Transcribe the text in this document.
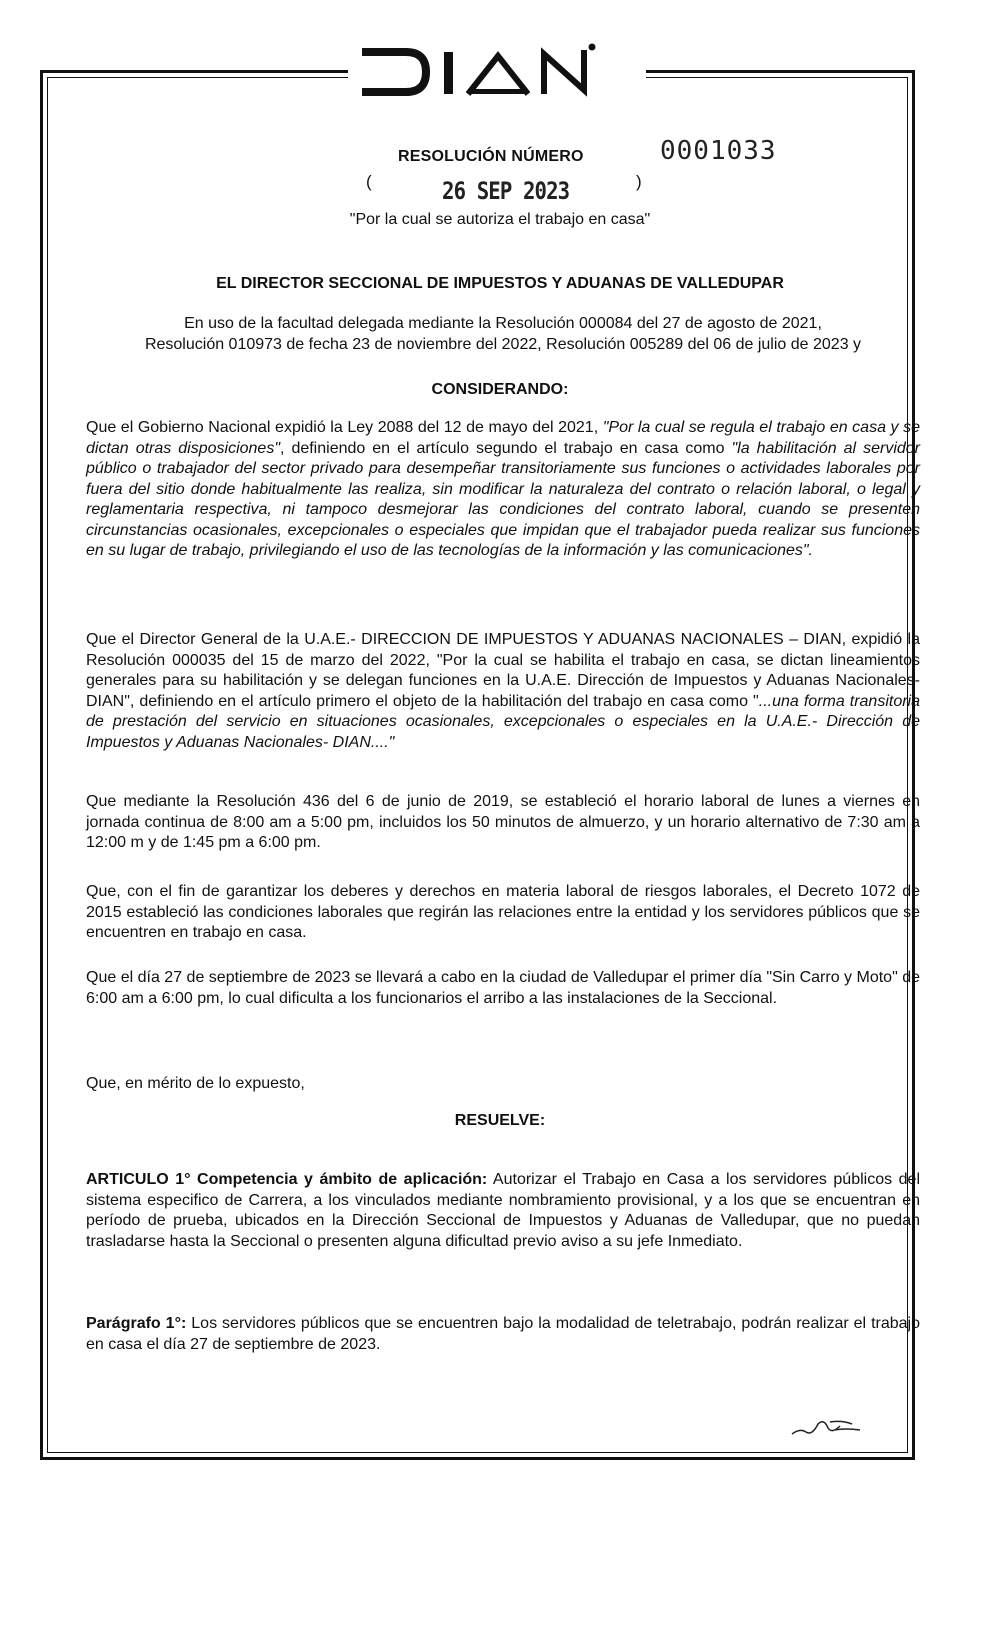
RESOLUCIÓN NÚMERO	0001033
(	26 SEP 2023	)
"Por la cual se autoriza el trabajo en casa"
EL DIRECTOR SECCIONAL DE IMPUESTOS Y ADUANAS DE VALLEDUPAR
En uso de la facultad delegada mediante la Resolución 000084 del 27 de agosto de 2021,
Resolución 010973 de fecha 23 de noviembre del 2022, Resolución 005289 del 06 de julio de 2023 y
CONSIDERANDO:

Que el Gobierno Nacional expidió la Ley 2088 del 12 de mayo del 2021, "Por la cual se regula el trabajo en casa y se dictan otras disposiciones", definiendo en el artículo segundo el trabajo en casa como "la habilitación al servidor público o trabajador del sector privado para desempeñar transitoriamente sus funciones o actividades laborales por fuera del sitio donde habitualmente las realiza, sin modificar la naturaleza del contrato o relación laboral, o legal y reglamentaria respectiva, ni tampoco desmejorar las condiciones del contrato laboral, cuando se presenten circunstancias ocasionales, excepcionales o especiales que impidan que el trabajador pueda realizar sus funciones en su lugar de trabajo, privilegiando el uso de las tecnologías de la información y las comunicaciones".

Que el Director General de la U.A.E.- DIRECCION DE IMPUESTOS Y ADUANAS NACIONALES – DIAN, expidió la Resolución 000035 del 15 de marzo del 2022, "Por la cual se habilita el trabajo en casa, se dictan lineamientos generales para su habilitación y se delegan funciones en la U.A.E. Dirección de Impuestos y Aduanas Nacionales- DIAN", definiendo en el artículo primero el objeto de la habilitación del trabajo en casa como "...una forma transitoria de prestación del servicio en situaciones ocasionales, excepcionales o especiales en la U.A.E.- Dirección de Impuestos y Aduanas Nacionales- DIAN...."

Que mediante la Resolución 436 del 6 de junio de 2019, se estableció el horario laboral de lunes a viernes en jornada continua de 8:00 am a 5:00 pm, incluidos los 50 minutos de almuerzo, y un horario alternativo de 7:30 am a 12:00 m y de 1:45 pm a 6:00 pm.

Que, con el fin de garantizar los deberes y derechos en materia laboral de riesgos laborales, el Decreto 1072 de 2015 estableció las condiciones laborales que regirán las relaciones entre la entidad y los servidores públicos que se encuentren en trabajo en casa.

Que el día 27 de septiembre de 2023 se llevará a cabo en la ciudad de Valledupar el primer día "Sin Carro y Moto" de 6:00 am a 6:00 pm, lo cual dificulta a los funcionarios el arribo a las instalaciones de la Seccional.

Que, en mérito de lo expuesto,

RESUELVE:

ARTICULO 1° Competencia y ámbito de aplicación: Autorizar el Trabajo en Casa a los servidores públicos del sistema especifico de Carrera, a los vinculados mediante nombramiento provisional, y a los que se encuentran en período de prueba, ubicados en la Dirección Seccional de Impuestos y Aduanas de Valledupar, que no puedan trasladarse hasta la Seccional o presenten alguna dificultad previo aviso a su jefe Inmediato.

Parágrafo 1°: Los servidores públicos que se encuentren bajo la modalidad de teletrabajo, podrán realizar el trabajo en casa el día 27 de septiembre de 2023.
